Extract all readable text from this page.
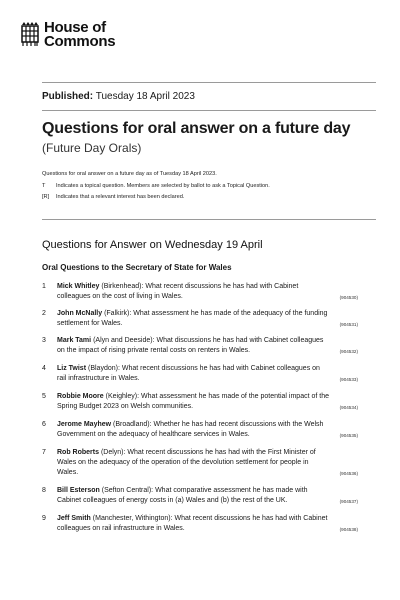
House of
Commons
Published: Tuesday 18 April 2023
Questions for oral answer on a future day
(Future Day Orals)
Questions for oral answer on a future day as of Tuesday 18 April 2023.
T Indicates a topical question. Members are selected by ballot to ask a Topical Question.
[R] Indicates that a relevant interest has been declared.
Questions for Answer on Wednesday 19 April
Oral Questions to the Secretary of State for Wales
1 Mick Whitley (Birkenhead): What recent discussions he has had with Cabinet colleagues on the cost of living in Wales.	(904530)
2 John McNally (Falkirk): What assessment he has made of the adequacy of the funding settlement for Wales.	(904531)
3 Mark Tami (Alyn and Deeside): What discussions he has had with Cabinet colleagues on the impact of rising private rental costs on renters in Wales.	(904532)
4 Liz Twist (Blaydon): What recent discussions he has had with Cabinet colleagues on rail infrastructure in Wales.	(904533)
5 Robbie Moore (Keighley): What assessment he has made of the potential impact of the Spring Budget 2023 on Welsh communities.	(904534)
6 Jerome Mayhew (Broadland): Whether he has had recent discussions with the Welsh Government on the adequacy of healthcare services in Wales.	(904535)
7 Rob Roberts (Delyn): What recent discussions he has had with the First Minister of Wales on the adequacy of the operation of the devolution settlement for people in Wales.	(904536)
8 Bill Esterson (Sefton Central): What comparative assessment he has made with Cabinet colleagues of energy costs in (a) Wales and (b) the rest of the UK.	(904537)
9 Jeff Smith (Manchester, Withington): What recent discussions he has had with Cabinet colleagues on rail infrastructure in Wales.	(904538)
